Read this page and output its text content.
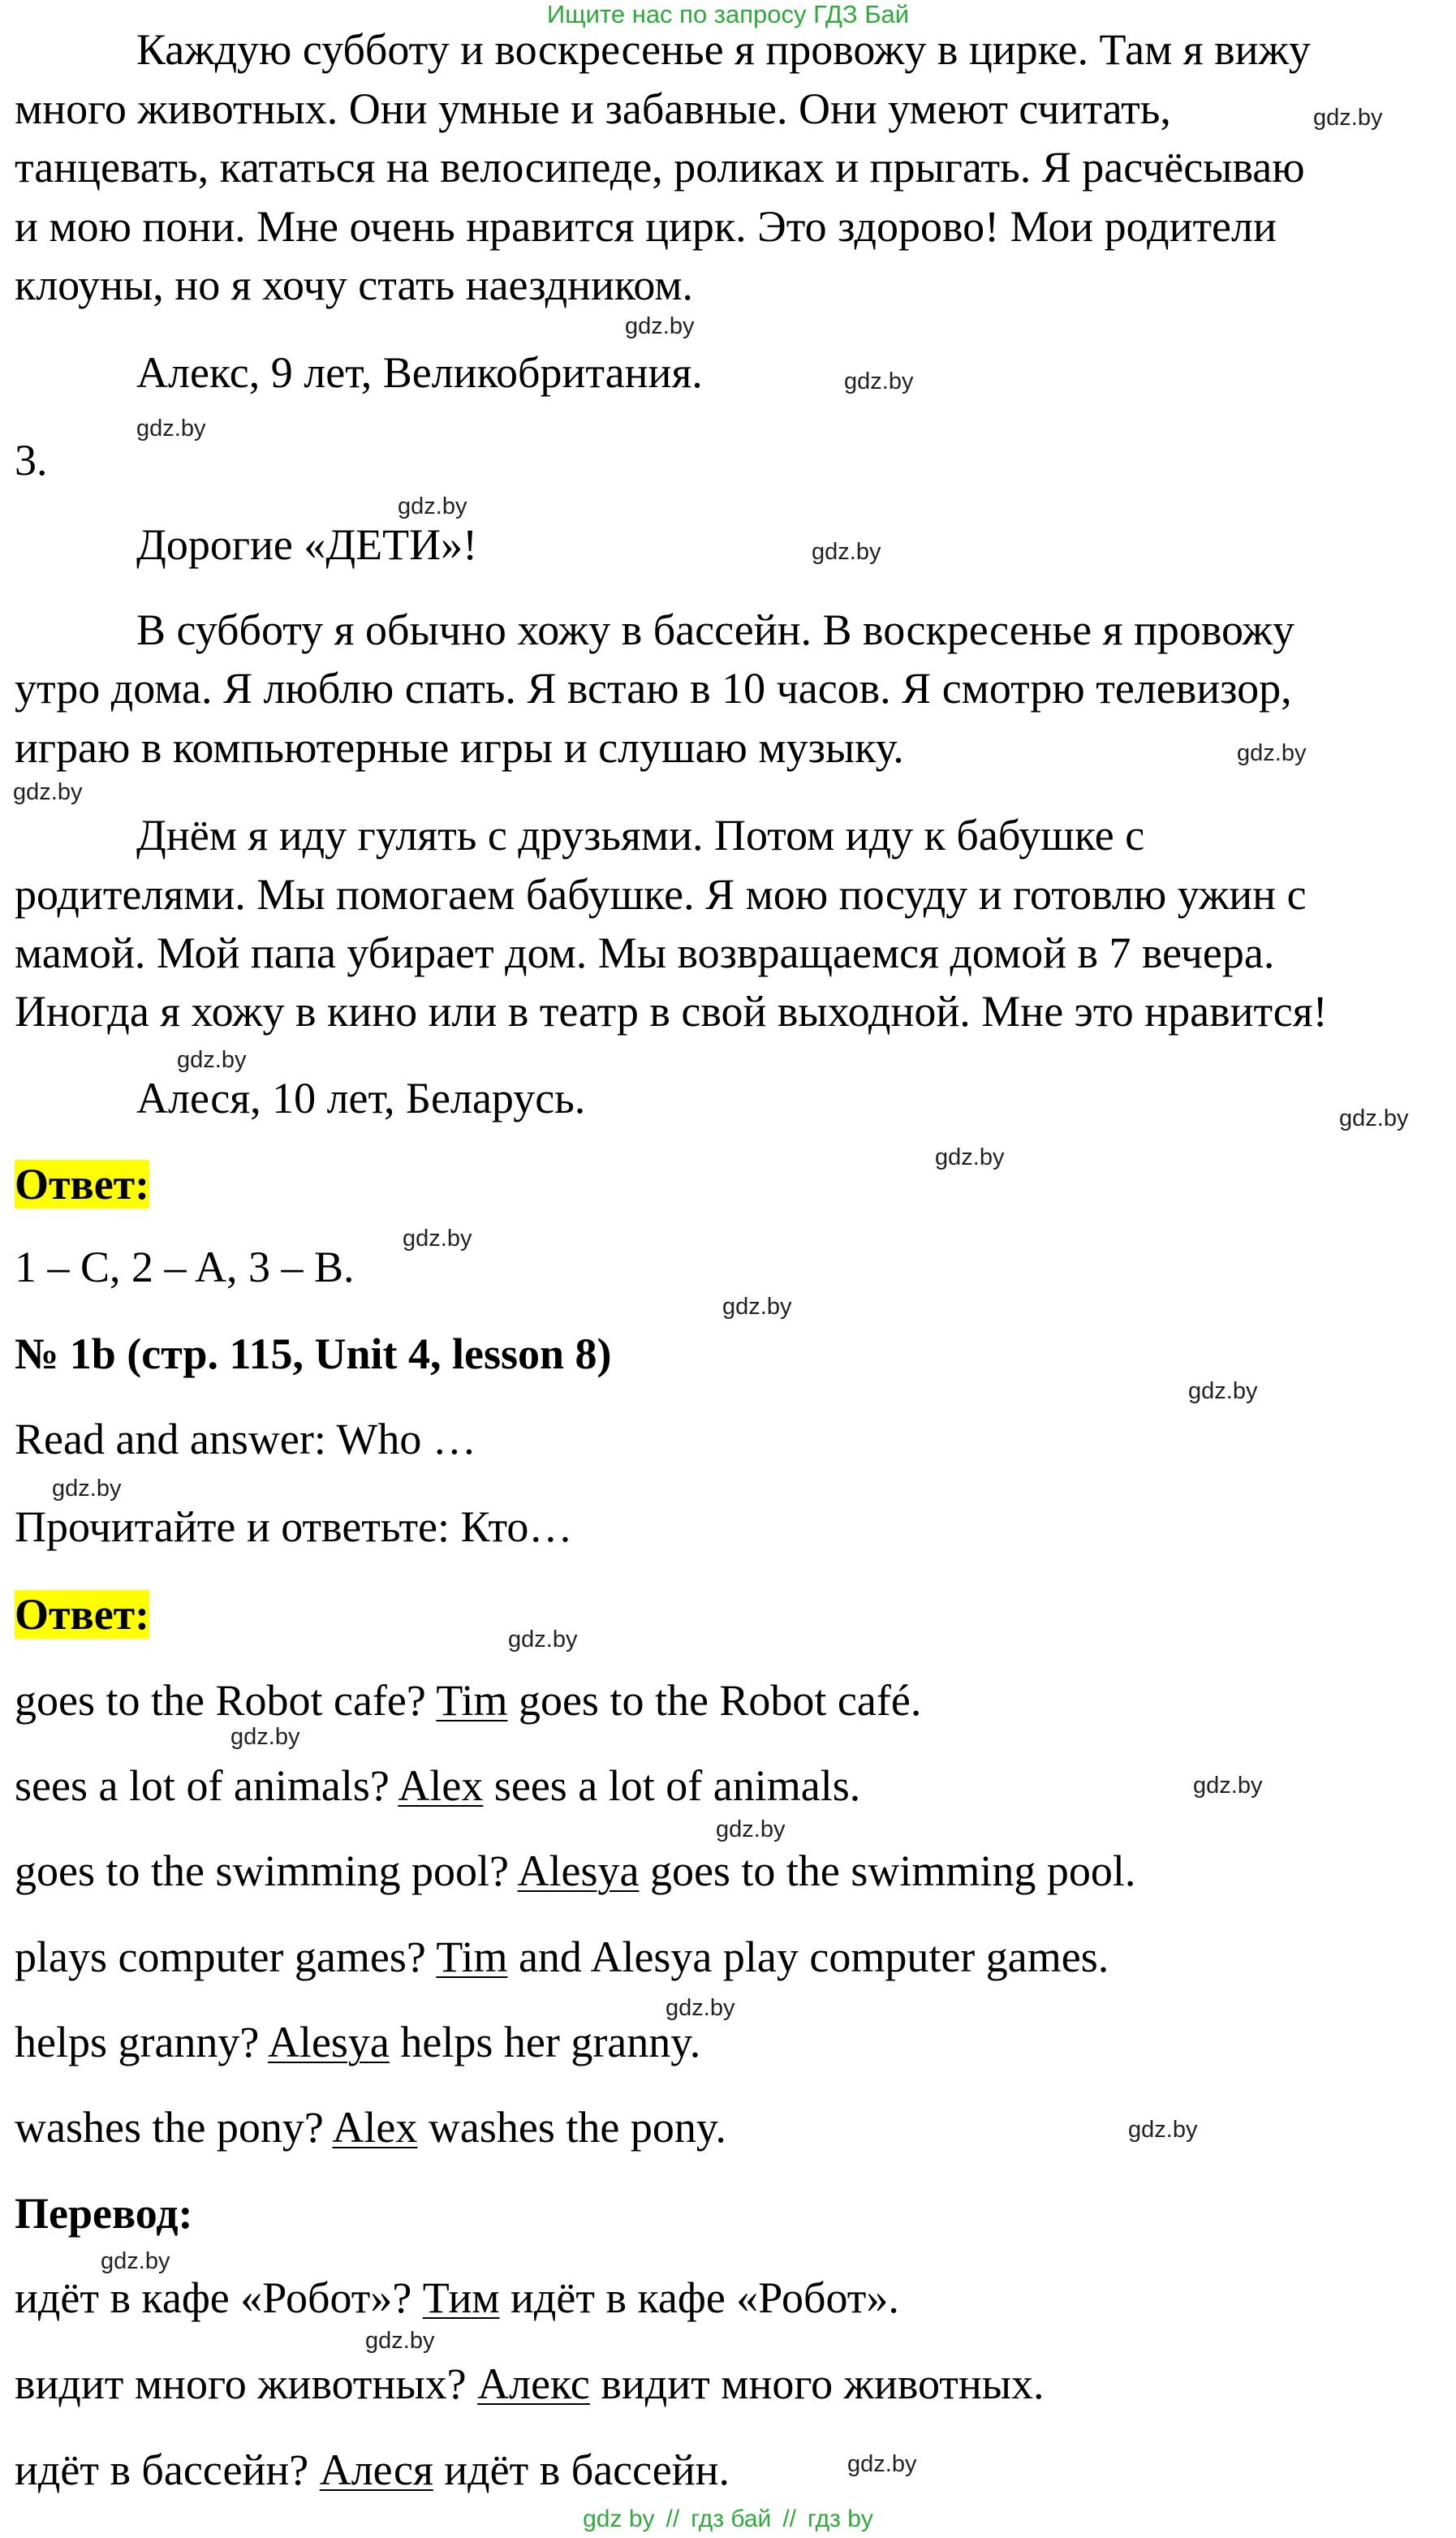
Ищите нас по запросу ГДЗ Бай
Каждую субботу и воскресенье я провожу в цирке. Там я вижу
много животных. Они умные и забавные. Они умеют считать,
танцевать, кататься на велосипеде, роликах и прыгать. Я расчёсываю
и мою пони. Мне очень нравится цирк. Это здорово! Мои родители
клоуны, но я хочу стать наездником.
Алекс, 9 лет, Великобритания.
3.
Дорогие «ДЕТИ»!
В субботу я обычно хожу в бассейн. В воскресенье я провожу
утро дома. Я люблю спать. Я встаю в 10 часов. Я смотрю телевизор,
играю в компьютерные игры и слушаю музыку.
Днём я иду гулять с друзьями. Потом иду к бабушке с
родителями. Мы помогаем бабушке. Я мою посуду и готовлю ужин с
мамой. Мой папа убирает дом. Мы возвращаемся домой в 7 вечера.
Иногда я хожу в кино или в театр в свой выходной. Мне это нравится!
Алеся, 10 лет, Беларусь.
Ответ:
1 – C, 2 – A, 3 – B.
№ 1b (стр. 115, Unit 4, lesson 8)
Read and answer: Who …
Прочитайте и ответьте: Кто…
Ответ:
goes to the Robot cafe? Tim goes to the Robot café.
sees a lot of animals? Alex sees a lot of animals.
goes to the swimming pool? Alesya goes to the swimming pool.
plays computer games? Tim and Alesya play computer games.
helps granny? Alesya helps her granny.
washes the pony? Alex washes the pony.
Перевод:
идёт в кафе «Робот»? Тим идёт в кафе «Робот».
видит много животных? Алекс видит много животных.
идёт в бассейн? Алеся идёт в бассейн.
gdz.by
gdz.by
gdz.by
gdz.by
gdz.by
gdz.by
gdz.by
gdz.by
gdz.by
gdz.by
gdz.by
gdz.by
gdz.by
gdz.by
gdz.by
gdz.by
gdz.by
gdz.by
gdz.by
gdz.by
gdz.by
gdz.by
gdz.by
gdz.by
gdz by // гдз бай // гдз by
